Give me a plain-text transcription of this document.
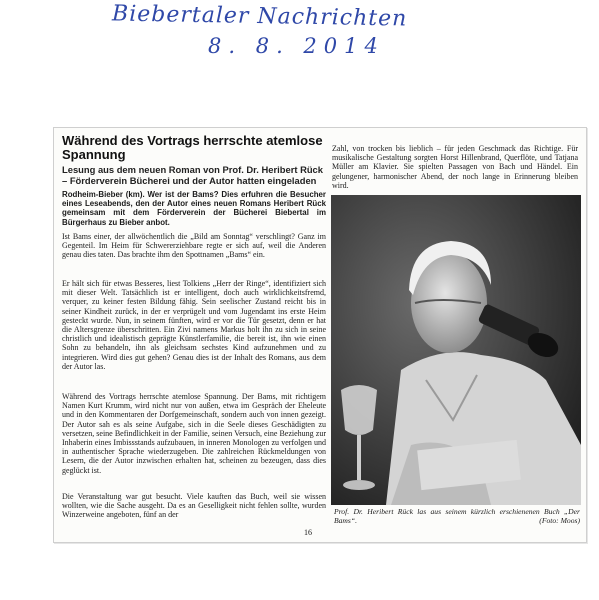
Biebertaler Nachrichten
8. 8. 2014
Während des Vortrags herrschte atemlose Spannung
Lesung aus dem neuen Roman von Prof. Dr. Heribert Rück – Förderverein Bücherei und der Autor hatten eingeladen
Rodheim-Bieber (km). Wer ist der Bams? Dies erfuhren die Besucher eines Leseabends, den der Autor eines neuen Romans Heribert Rück gemeinsam mit dem Förderverein der Bücherei Biebertal im Bürgerhaus zu Bieber anbot.
Ist Bams einer, der allwöchentlich die „Bild am Sonntag“ verschlingt? Ganz im Gegenteil. Im Heim für Schwererziehbare regte er sich auf, weil die Anderen genau dies taten. Das brachte ihm den Spottnamen „Bams“ ein.
Er hält sich für etwas Besseres, liest Tolkiens „Herr der Ringe“, identifiziert sich mit dieser Welt. Tatsächlich ist er intelligent, doch auch wirklichkeitsfremd, verquer, zu keiner festen Bildung fähig. Sein seelischer Zustand reicht bis in seiner Kindheit zurück, in der er verprügelt und vom Jugendamt ins erste Heim gesteckt wurde. Nun, in seinem fünften, wird er vor die Tür gesetzt, denn er hat die Altersgrenze überschritten. Ein Zivi namens Markus holt ihn zu sich in seine christlich und idealistisch geprägte Künstlerfamilie, die bereit ist, ihn wie einen Sohn zu behandeln, ihn als gleichsam sechstes Kind aufzunehmen und zu integrieren. Wird dies gut gehen? Genau dies ist der Inhalt des Romans, aus dem der Autor las.
Während des Vortrags herrschte atemlose Spannung. Der Bams, mit richtigem Namen Kurt Krumm, wird nicht nur von außen, etwa im Gespräch der Eheleute und in den Kommentaren der Dorfgemeinschaft, sondern auch von innen gezeigt. Der Autor sah es als seine Aufgabe, sich in die Seele dieses Geschädigten zu versetzen, seine Befindlichkeit in der Familie, seinen Versuch, eine Beziehung zur Inhaberin eines Imbissstands aufzubauen, in inneren Monologen zu verfolgen und in authentischer Sprache wiederzugeben. Die zahlreichen Rückmeldungen von Lesern, die der Autor inzwischen erhalten hat, scheinen zu bezeugen, dass dies geglückt ist.
Die Veranstaltung war gut besucht. Viele kauften das Buch, weil sie wissen wollten, wie die Sache ausgeht. Da es an Geselligkeit nicht fehlen sollte, wurden Winzerweine angeboten, fünf an der
Zahl, von trocken bis lieblich – für jeden Geschmack das Richtige. Für musikalische Gestaltung sorgten Horst Hillenbrand, Querflöte, und Tatjana Müller am Klavier. Sie spielten Passagen von Bach und Händel. Ein gelungener, harmonischer Abend, der noch lange in Erinnerung bleiben wird.
Prof. Dr. Heribert Rück las aus seinem kürzlich erschienenen Buch „Der Bams“.	(Foto: Moos)
16
